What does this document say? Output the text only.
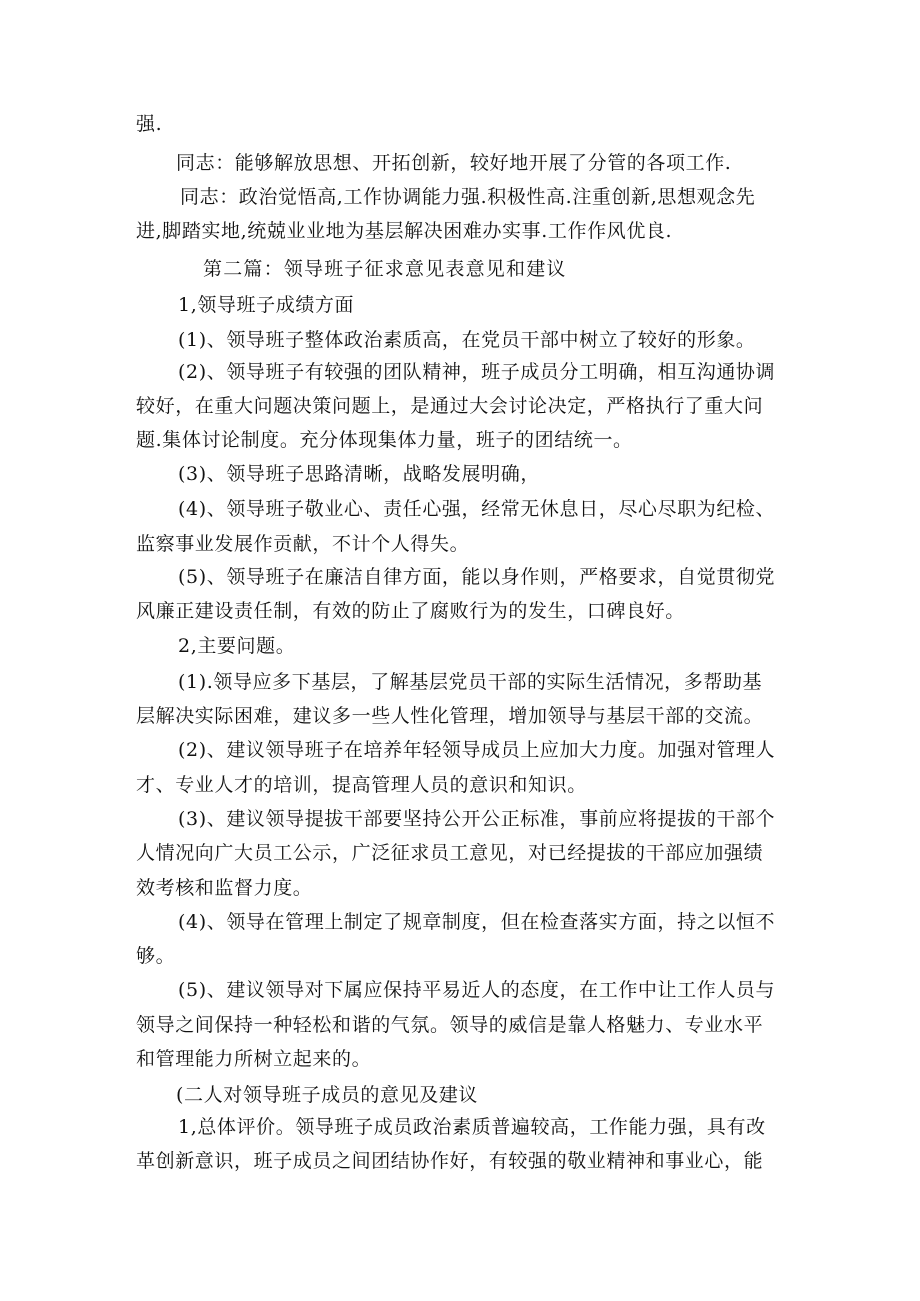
强.
同志：能够解放思想、开拓创新，较好地开展了分管的各项工作.
同志：政治觉悟高,工作协调能力强.积极性高.注重创新,思想观念先
进,脚踏实地,统兢业业地为基层解决困难办实事.工作作风优良.
第二篇：领导班子征求意见表意见和建议
1,领导班子成绩方面
(1)、领导班子整体政治素质高，在党员干部中树立了较好的形象。
(2)、领导班子有较强的团队精神，班子成员分工明确，相互沟通协调
较好，在重大问题决策问题上，是通过大会讨论决定，严格执行了重大问
题.集体讨论制度。充分体现集体力量，班子的团结统一。
(3)、领导班子思路清晰，战略发展明确，
(4)、领导班子敬业心、责任心强，经常无休息日，尽心尽职为纪检、
监察事业发展作贡献，不计个人得失。
(5)、领导班子在廉洁自律方面，能以身作则，严格要求，自觉贯彻党
风廉正建设责任制，有效的防止了腐败行为的发生，口碑良好。
2,主要问题。
(1).领导应多下基层，了解基层党员干部的实际生活情况，多帮助基
层解决实际困难，建议多一些人性化管理，增加领导与基层干部的交流。
(2)、建议领导班子在培养年轻领导成员上应加大力度。加强对管理人
才、专业人才的培训，提高管理人员的意识和知识。
(3)、建议领导提拔干部要坚持公开公正标准，事前应将提拔的干部个
人情况向广大员工公示，广泛征求员工意见，对已经提拔的干部应加强绩
效考核和监督力度。
(4)、领导在管理上制定了规章制度，但在检查落实方面，持之以恒不
够。
(5)、建议领导对下属应保持平易近人的态度，在工作中让工作人员与
领导之间保持一种轻松和谐的气氛。领导的威信是靠人格魅力、专业水平
和管理能力所树立起来的。
(二人对领导班子成员的意见及建议
1,总体评价。领导班子成员政治素质普遍较高，工作能力强，具有改
革创新意识，班子成员之间团结协作好，有较强的敬业精神和事业心，能
